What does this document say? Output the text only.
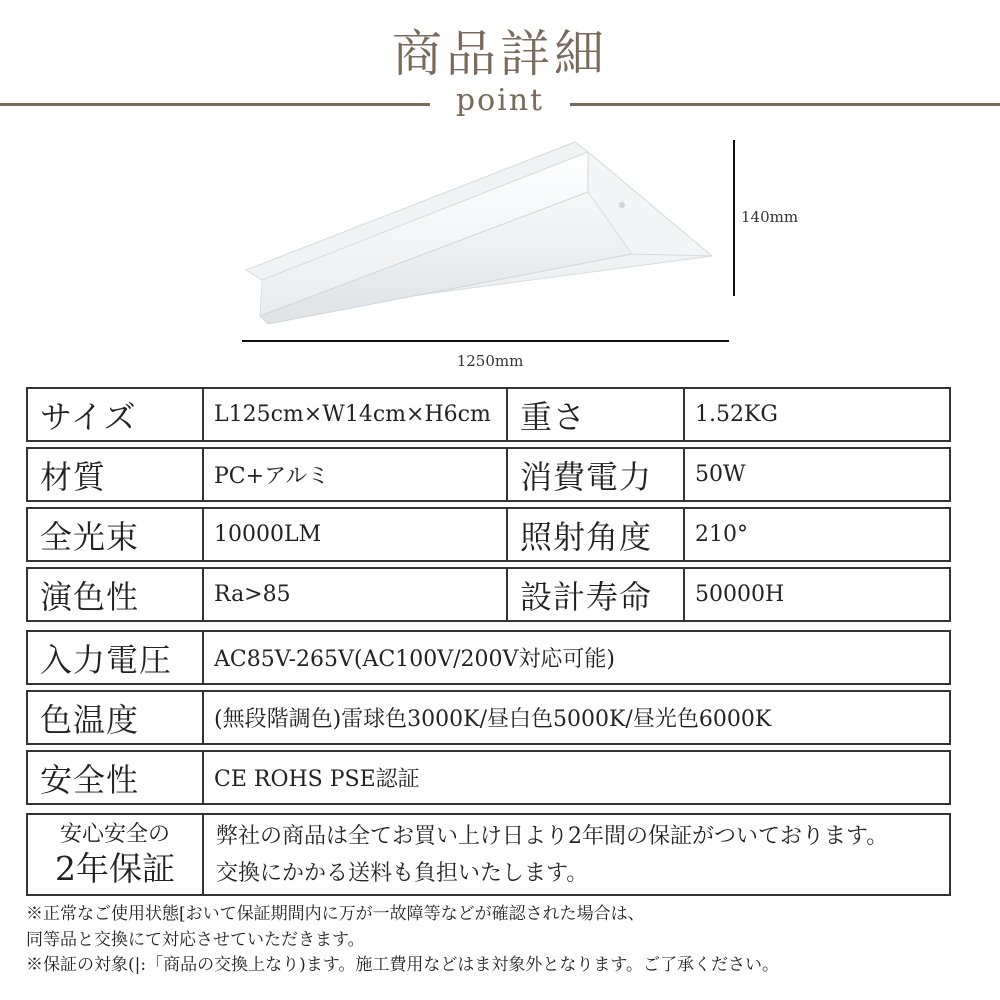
商品詳細
point
140mm
1250mm
サイズ	L125cm×W14cm×H6cm 重さ	1.52KG
材質	PC+アルミ	消費電力	50W
全光束	10000LM	照射角度	210°
演色性	Ra>85	設計寿命	50000H
入力電圧	AC85V-265V(AC100V/200V対応可能)
色温度	(無段階調色)雷球色3000K/昼白色5000K/昼光色6000K
安全性	CE ROHS PSE認証
安心安全の
2年保証
弊社の商品は全てお買い上け日より2年間の保証がついております。
交換にかかる送料も負担いたします。
※正常なご使用状態[おいて保証期間内に万が一故障等などが確認された場合は、
同等品と交換にて対応させていただきます。
※保証の対象(|:「商品の交換上なり)ます。施工費用などはま対象外となります。ご了承ください。
